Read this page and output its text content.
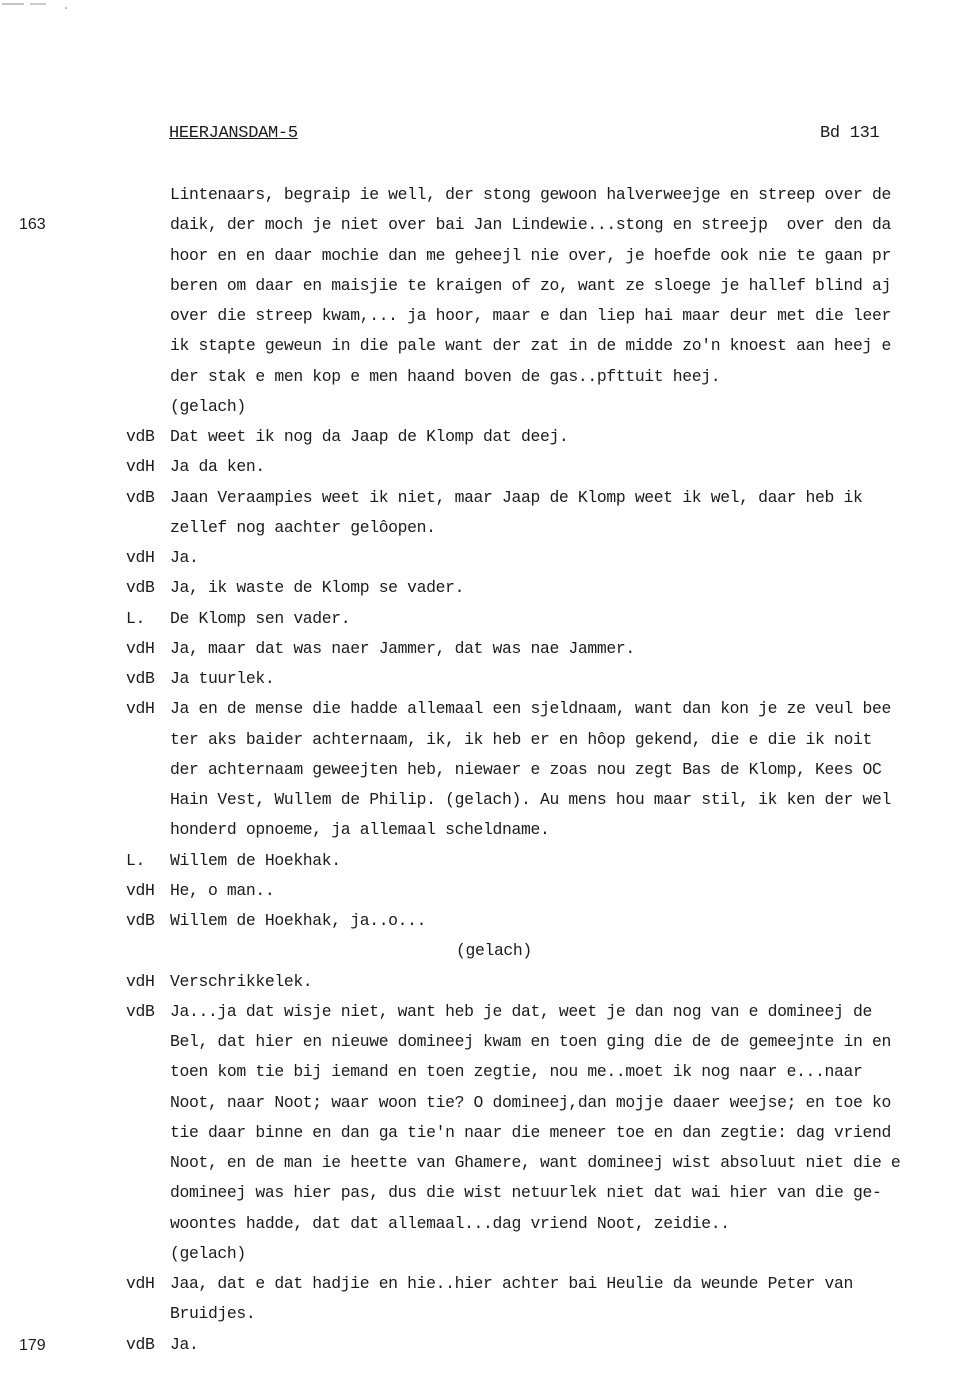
HEERJANSDAM-5	Bd 131
163
179
Lintenaars, begraip ie well, der stong gewoon halverweejge en streep over de
daik, der moch je niet over bai Jan Lindewie...stong en streejp  over den da
hoor en en daar mochie dan me geheejl nie over, je hoefde ook nie te gaan pr
beren om daar en maisjie te kraigen of zo, want ze sloege je hallef blind aj
over die streep kwam,... ja hoor, maar e dan liep hai maar deur met die leer
ik stapte geweun in die pale want der zat in de midde zo'n knoest aan heej e
der stak e men kop e men haand boven de gas..pfttuit heej.
(gelach)
vdB Dat weet ik nog da Jaap de Klomp dat deej.
vdH Ja da ken.
vdB Jaan Veraampies weet ik niet, maar Jaap de Klomp weet ik wel, daar heb ik
zellef nog aachter gelôopen.
vdH Ja.
vdB Ja, ik waste de Klomp se vader.
L. De Klomp sen vader.
vdH Ja, maar dat was naer Jammer, dat was nae Jammer.
vdB Ja tuurlek.
vdH Ja en de mense die hadde allemaal een sjeldnaam, want dan kon je ze veul bee
ter aks baider achternaam, ik, ik heb er en hôop gekend, die e die ik noit
der achternaam geweejten heb, niewaer e zoas nou zegt Bas de Klomp, Kees OC
Hain Vest, Wullem de Philip. (gelach). Au mens hou maar stil, ik ken der wel
honderd opnoeme, ja allemaal scheldname.
L. Willem de Hoekhak.
vdH He, o man..
vdB Willem de Hoekhak, ja..o...
(gelach)
vdH Verschrikkelek.
vdB Ja...ja dat wisje niet, want heb je dat, weet je dan nog van e domineej de
Bel, dat hier en nieuwe domineej kwam en toen ging die de de gemeejnte in en
toen kom tie bij iemand en toen zegtie, nou me..moet ik nog naar e...naar
Noot, naar Noot; waar woon tie? O domineej,dan mojje daaer weejse; en toe ko
tie daar binne en dan ga tie'n naar die meneer toe en dan zegtie: dag vriend
Noot, en de man ie heette van Ghamere, want domineej wist absoluut niet die e
domineej was hier pas, dus die wist netuurlek niet dat wai hier van die ge-
woontes hadde, dat dat allemaal...dag vriend Noot, zeidie..
(gelach)
vdH Jaa, dat e dat hadjie en hie..hier achter bai Heulie da weunde Peter van
Bruidjes.
vdB Ja.
